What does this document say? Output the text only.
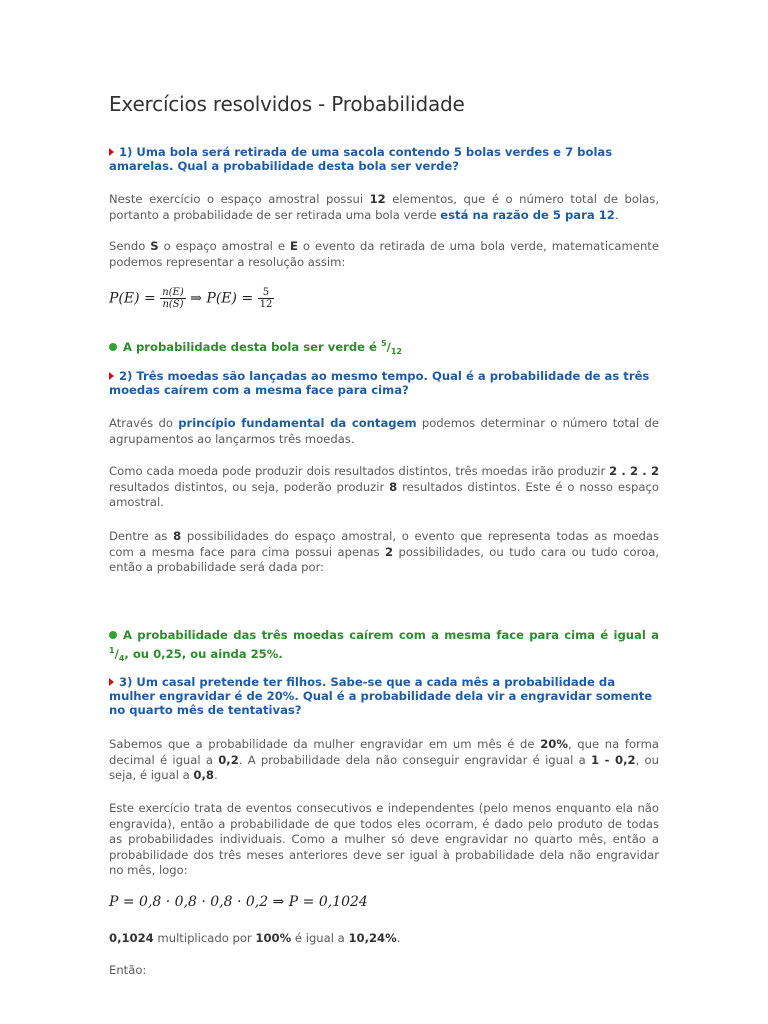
Exercícios resolvidos - Probabilidade
1) Uma bola será retirada de uma sacola contendo 5 bolas verdes e 7 bolas amarelas. Qual a probabilidade desta bola ser verde?
Neste exercício o espaço amostral possui 12 elementos, que é o número total de bolas, portanto a probabilidade de ser retirada uma bola verde está na razão de 5 para 12.
Sendo S o espaço amostral e E o evento da retirada de uma bola verde, matematicamente podemos representar a resolução assim:
$P(E) = \frac{n(E)}{n(S)}$ ⇒ $P(E) = \frac{5}{12}$
A probabilidade desta bola ser verde é $^5/_{12}$
2) Três moedas são lançadas ao mesmo tempo. Qual é a probabilidade de as três moedas caírem com a mesma face para cima?
Através do princípio fundamental da contagem podemos determinar o número total de agrupamentos ao lançarmos três moedas.
Como cada moeda pode produzir dois resultados distintos, três moedas irão produzir 2 . 2 . 2 resultados distintos, ou seja, poderão produzir 8 resultados distintos. Este é o nosso espaço amostral.
Dentre as 8 possibilidades do espaço amostral, o evento que representa todas as moedas com a mesma face para cima possui apenas 2 possibilidades, ou tudo cara ou tudo coroa, então a probabilidade será dada por:
A probabilidade das três moedas caírem com a mesma face para cima é igual a $^1/_4$, ou 0,25, ou ainda 25%.
3) Um casal pretende ter filhos. Sabe-se que a cada mês a probabilidade da mulher engravidar é de 20%. Qual é a probabilidade dela vir a engravidar somente no quarto mês de tentativas?
Sabemos que a probabilidade da mulher engravidar em um mês é de 20%, que na forma decimal é igual a 0,2. A probabilidade dela não conseguir engravidar é igual a 1 - 0,2, ou seja, é igual a 0,8.
Este exercício trata de eventos consecutivos e independentes (pelo menos enquanto ela não engravida), então a probabilidade de que todos eles ocorram, é dado pelo produto de todas as probabilidades individuais. Como a mulher só deve engravidar no quarto mês, então a probabilidade dos três meses anteriores deve ser igual à probabilidade dela não engravidar no mês, logo:
P = 0,8 · 0,8 · 0,8 · 0,2 ⇒ P = 0,1024
0,1024 multiplicado por 100% é igual a 10,24%.
Então:
